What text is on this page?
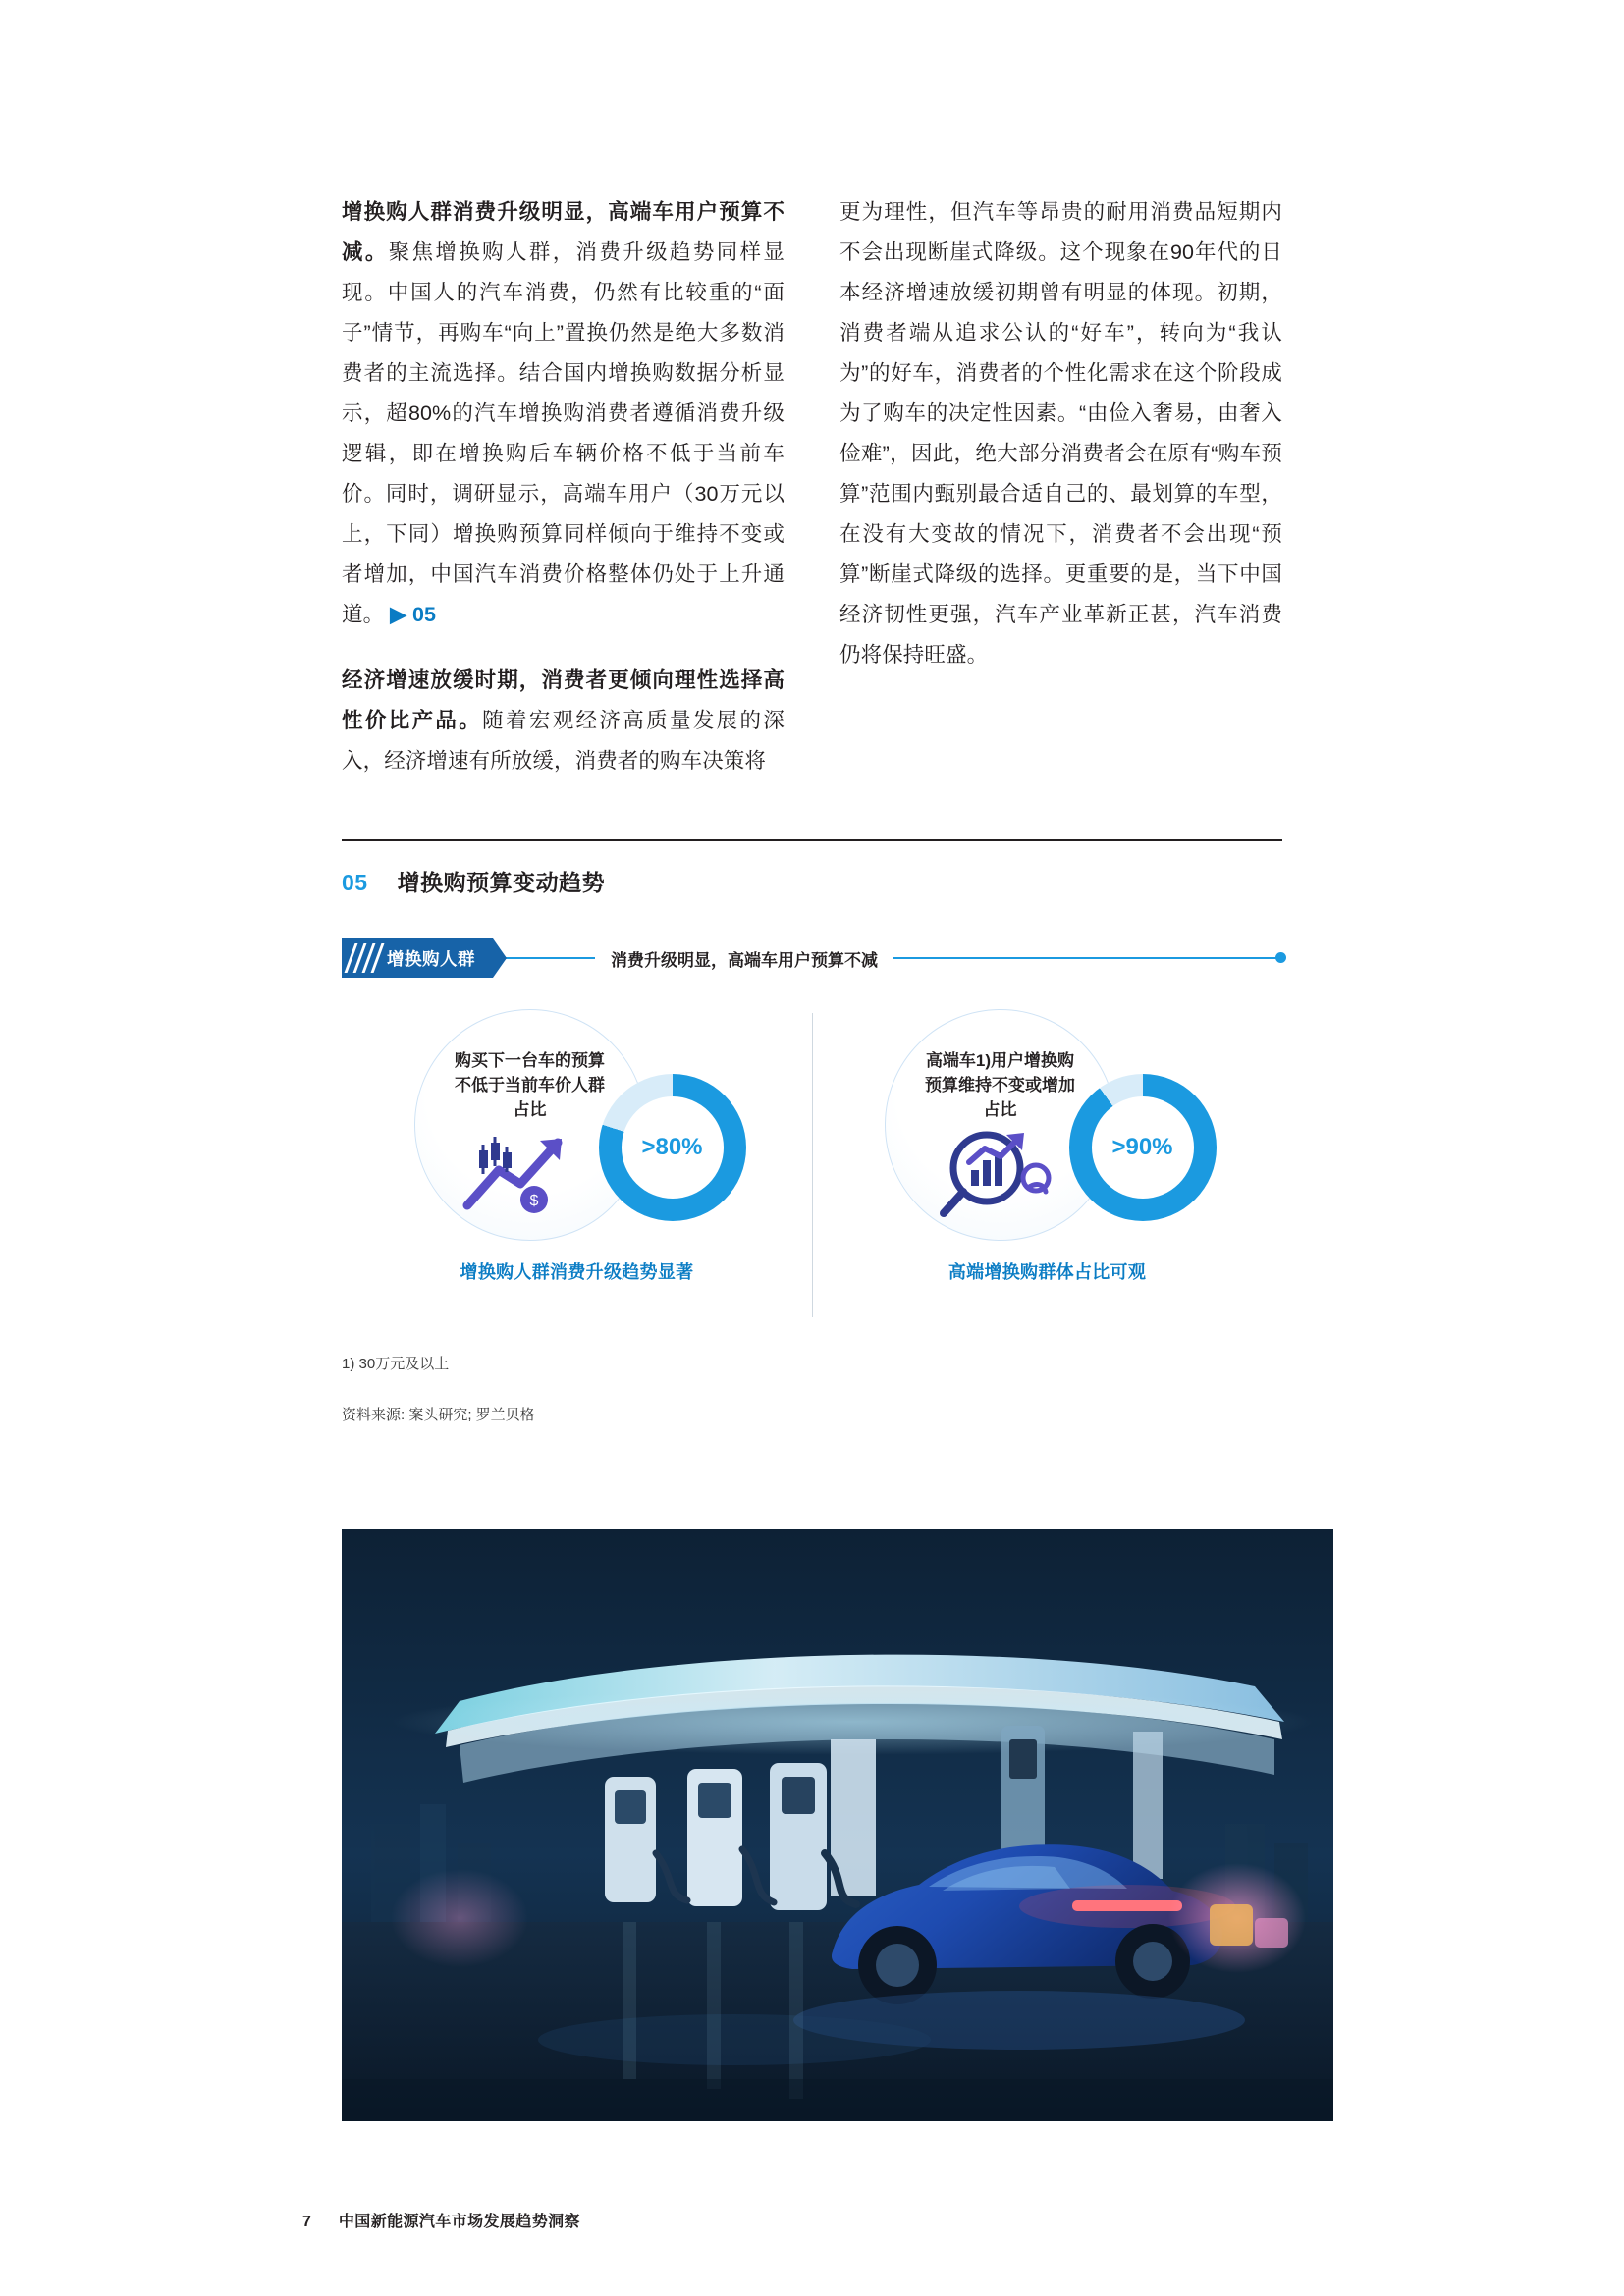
增换购人群消费升级明显，高端车用户预算不减。聚焦增换购人群，消费升级趋势同样显现。中国人的汽车消费，仍然有比较重的“面子”情节，再购车“向上”置换仍然是绝大多数消费者的主流选择。结合国内增换购数据分析显示，超80%的汽车增换购消费者遵循消费升级逻辑，即在增换购后车辆价格不低于当前车价。同时，调研显示，高端车用户（30万元以上，下同）增换购预算同样倾向于维持不变或者增加，中国汽车消费价格整体仍处于上升通道。 ▶ 05

经济增速放缓时期，消费者更倾向理性选择高性价比产品。随着宏观经济高质量发展的深入，经济增速有所放缓，消费者的购车决策将

更为理性，但汽车等昂贵的耐用消费品短期内不会出现断崖式降级。这个现象在90年代的日本经济增速放缓初期曾有明显的体现。初期，消费者端从追求公认的“好车”，转向为“我认为”的好车，消费者的个性化需求在这个阶段成为了购车的决定性因素。“由俭入奢易，由奢入俭难”，因此，绝大部分消费者会在原有“购车预算”范围内甄别最合适自己的、最划算的车型，在没有大变故的情况下，消费者不会出现“预算”断崖式降级的选择。更重要的是，当下中国经济韧性更强，汽车产业革新正甚，汽车消费仍将保持旺盛。

05 增换购预算变动趋势
增换购人群	消费升级明显，高端车用户预算不减
购买下一台车的预算不低于当前车价人群占比
$
>80%
增换购人群消费升级趋势显著
高端车1)用户增换购预算维持不变或增加占比
>90%
高端增换购群体占比可观
1) 30万元及以上
资料来源: 案头研究; 罗兰贝格
7 中国新能源汽车市场发展趋势洞察
